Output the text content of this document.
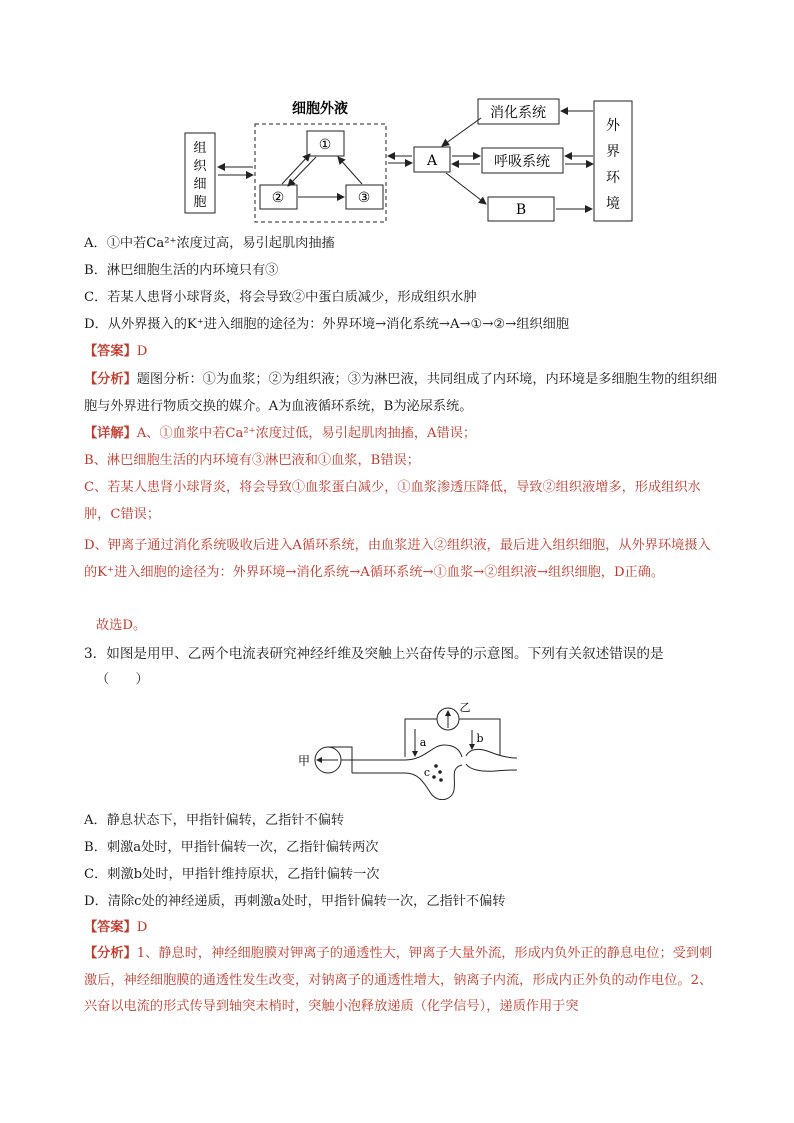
细胞外液
组
织
细
胞
①
②	③
A
消化系统
呼吸系统
B
外
界
环
境
A．①中若Ca²⁺浓度过高，易引起肌肉抽搐
B．淋巴细胞生活的内环境只有③
C．若某人患肾小球肾炎，将会导致②中蛋白质减少，形成组织水肿
D．从外界摄入的K⁺进入细胞的途径为：外界环境→消化系统→A→①→②→组织细胞
【答案】D
【分析】题图分析：①为血浆；②为组织液；③为淋巴液，共同组成了内环境，内环境是多细胞生物的组织细胞与外界进行物质交换的媒介。A为血液循环系统，B为泌尿系统。
【详解】A、①血浆中若Ca²⁺浓度过低，易引起肌肉抽搐，A错误；
B、淋巴细胞生活的内环境有③淋巴液和①血浆，B错误；
C、若某人患肾小球肾炎，将会导致①血浆蛋白减少，①血浆渗透压降低，导致②组织液增多，形成组织水肿，C错误；
D、钾离子通过消化系统吸收后进入A循环系统，由血浆进入②组织液，最后进入组织细胞，从外界环境摄入的K⁺进入细胞的途径为：外界环境→消化系统→A循环系统→①血浆→②组织液→组织细胞，D正确。
故选D。
3．如图是用甲、乙两个电流表研究神经纤维及突触上兴奋传导的示意图。下列有关叙述错误的是
（　　）
甲
c
乙
a	b
A．静息状态下，甲指针偏转，乙指针不偏转
B．刺激a处时，甲指针偏转一次，乙指针偏转两次
C．刺激b处时，甲指针维持原状，乙指针偏转一次
D．清除c处的神经递质，再刺激a处时，甲指针偏转一次，乙指针不偏转
【答案】D
【分析】1、静息时，神经细胞膜对钾离子的通透性大，钾离子大量外流，形成内负外正的静息电位；受到刺激后，神经细胞膜的通透性发生改变，对钠离子的通透性增大，钠离子内流，形成内正外负的动作电位。2、兴奋以电流的形式传导到轴突末梢时，突触小泡释放递质（化学信号），递质作用于突
